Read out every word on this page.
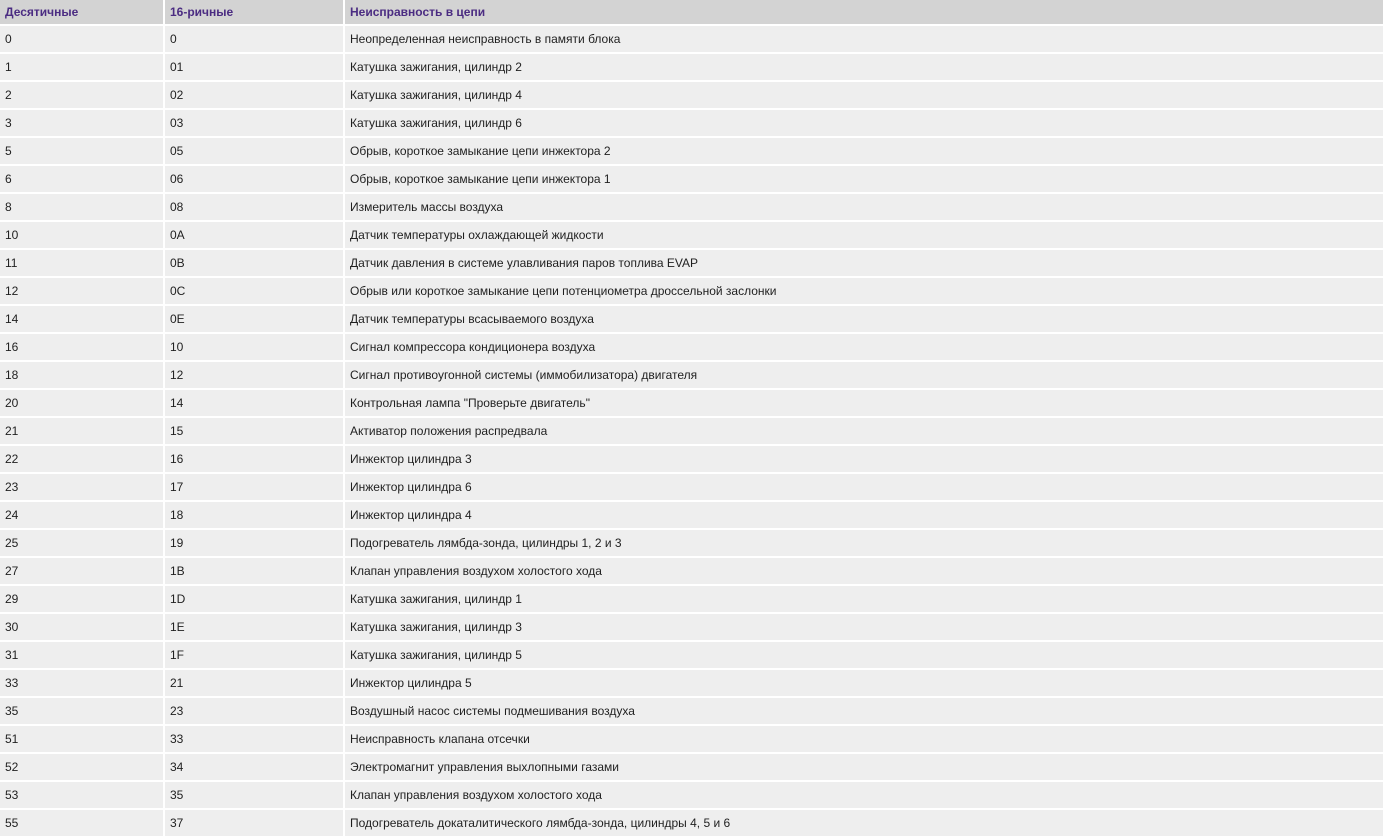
Десятичные	16-ричные	Неисправность в цепи
0	0	Неопределенная неисправность в памяти блока
1	01	Катушка зажигания, цилиндр 2
2	02	Катушка зажигания, цилиндр 4
3	03	Катушка зажигания, цилиндр 6
5	05	Обрыв, короткое замыкание цепи инжектора 2
6	06	Обрыв, короткое замыкание цепи инжектора 1
8	08	Измеритель массы воздуха
10	0A	Датчик температуры охлаждающей жидкости
11	0B	Датчик давления в системе улавливания паров топлива EVAP
12	0C	Обрыв или короткое замыкание цепи потенциометра дроссельной заслонки
14	0E	Датчик температуры всасываемого воздуха
16	10	Сигнал компрессора кондиционера воздуха
18	12	Сигнал противоугонной системы (иммобилизатора) двигателя
20	14	Контрольная лампа "Проверьте двигатель"
21	15	Активатор положения распредвала
22	16	Инжектор цилиндра 3
23	17	Инжектор цилиндра 6
24	18	Инжектор цилиндра 4
25	19	Подогреватель лямбда-зонда, цилиндры 1, 2 и 3
27	1B	Клапан управления воздухом холостого хода
29	1D	Катушка зажигания, цилиндр 1
30	1E	Катушка зажигания, цилиндр 3
31	1F	Катушка зажигания, цилиндр 5
33	21	Инжектор цилиндра 5
35	23	Воздушный насос системы подмешивания воздуха
51	33	Неисправность клапана отсечки
52	34	Электромагнит управления выхлопными газами
53	35	Клапан управления воздухом холостого хода
55	37	Подогреватель докаталитического лямбда-зонда, цилиндры 4, 5 и 6
